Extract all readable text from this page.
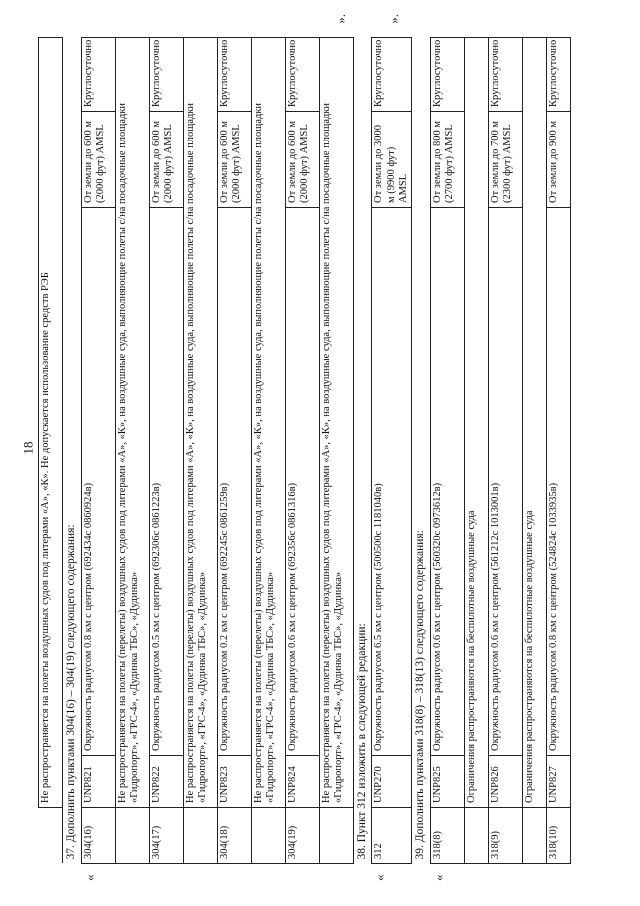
18
	Не распространяется на полеты воздушных судов под литерами «А», «К». Не допускается использование средств РЭБ			
37. Дополнить пунктами 304(16) – 304(19) следующего содержания:				

«
304(16)	UNP821	Окружность радиусом 0.8 км с центром (692434с 0860924в)	От земли до 600 м (2000 фут) AMSL	Круглосуточно
	Не распространяется на полеты (перелеты) воздушных судов под литерами «А», «К», на воздушные суда, выполняющие полеты с/на посадочные площадки «Гидропорт», «ГРС-4», «Дудинка ТБС», «Дудинка»			
304(17)	UNP822	Окружность радиусом 0.5 км с центром (692306с 0861223в)	От земли до 600 м (2000 фут) AMSL	Круглосуточно
	Не распространяется на полеты (перелеты) воздушных судов под литерами «А», «К», на воздушные суда, выполняющие полеты с/на посадочные площадки «Гидропорт», «ГРС-4», «Дудинка ТБС», «Дудинка»			
304(18)	UNP823	Окружность радиусом 0.2 км с центром (692245с 0861259в)	От земли до 600 м (2000 фут) AMSL	Круглосуточно
	Не распространяется на полеты (перелеты) воздушных судов под литерами «А», «К», на воздушные суда, выполняющие полеты с/на посадочные площадки «Гидропорт», «ГРС-4», «Дудинка ТБС», «Дудинка»			
304(19)	UNP824	Окружность радиусом 0.6 км с центром (692356с 0861316в)	От земли до 600 м (2000 фут) AMSL	Круглосуточно
	Не распространяется на полеты (перелеты) воздушных судов под литерами «А», «К», на воздушные суда, выполняющие полеты с/на посадочные площадки «Гидропорт», «ГРС-4», «Дудинка ТБС», «Дудинка»
».			

38. Пункт 312 изложить в следующей редакции:				

«
312	UNP270	Окружность радиусом 6.5 км с центром (500500с 1181040в)	От земли до 3000 м (9900 фут) AMSL	Круглосуточно
».

39. Дополнить пунктами 318(8) – 318(13) следующего содержания:				

«
318(8)	UNP825	Окружность радиусом 0.6 км с центром (560320с 0973612в)	От земли до 800 м (2700 фут) AMSL	Круглосуточно
	Ограничения распространяются на беспилотные воздушные суда			
318(9)	UNP826	Окружность радиусом 0.6 км с центром (561212с 1013001в)	От земли до 700 м (2300 фут) AMSL	Круглосуточно
	Ограничения распространяются на беспилотные воздушные суда			
318(10)	UNP827	Окружность радиусом 0.8 км с центром (524824с 1033935в)	От земли до 900 м	Круглосуточно
